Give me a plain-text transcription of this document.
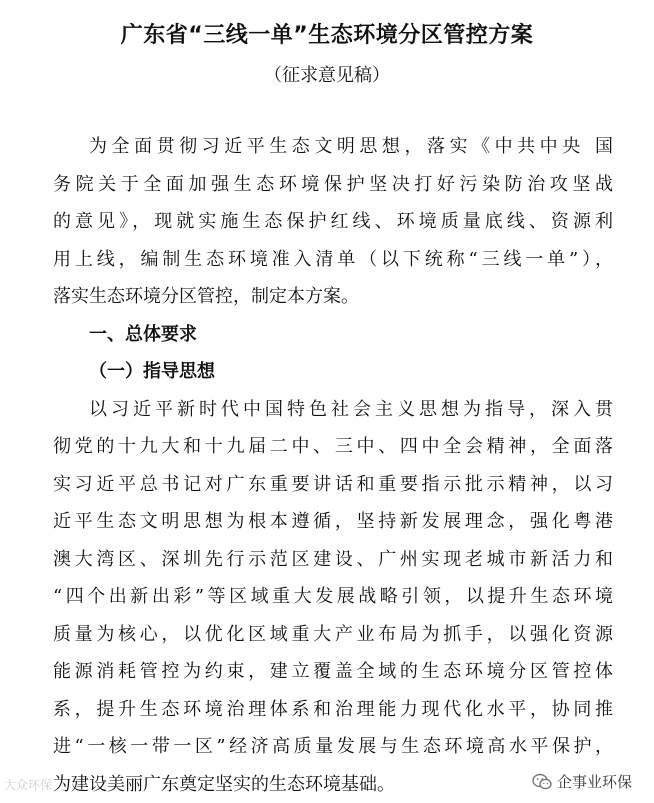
广东省“三线一单”生态环境分区管控方案
（征求意见稿）
为全面贯彻习近平生态文明思想，落实《中共中央 国
务院关于全面加强生态环境保护坚决打好污染防治攻坚战
的意见》，现就实施生态保护红线、环境质量底线、资源利
用上线，编制生态环境准入清单（以下统称“三线一单”），
落实生态环境分区管控，制定本方案。
一、总体要求
（一）指导思想
以习近平新时代中国特色社会主义思想为指导，深入贯
彻党的十九大和十九届二中、三中、四中全会精神，全面落
实习近平总书记对广东重要讲话和重要指示批示精神，以习
近平生态文明思想为根本遵循，坚持新发展理念，强化粤港
澳大湾区、深圳先行示范区建设、广州实现老城市新活力和
“四个出新出彩”等区域重大发展战略引领，以提升生态环境
质量为核心，以优化区域重大产业布局为抓手，以强化资源
能源消耗管控为约束，建立覆盖全域的生态环境分区管控体
系，提升生态环境治理体系和治理能力现代化水平，协同推
进“一核一带一区”经济高质量发展与生态环境高水平保护，
为建设美丽广东奠定坚实的生态环境基础。
大众环保	企事业环保
